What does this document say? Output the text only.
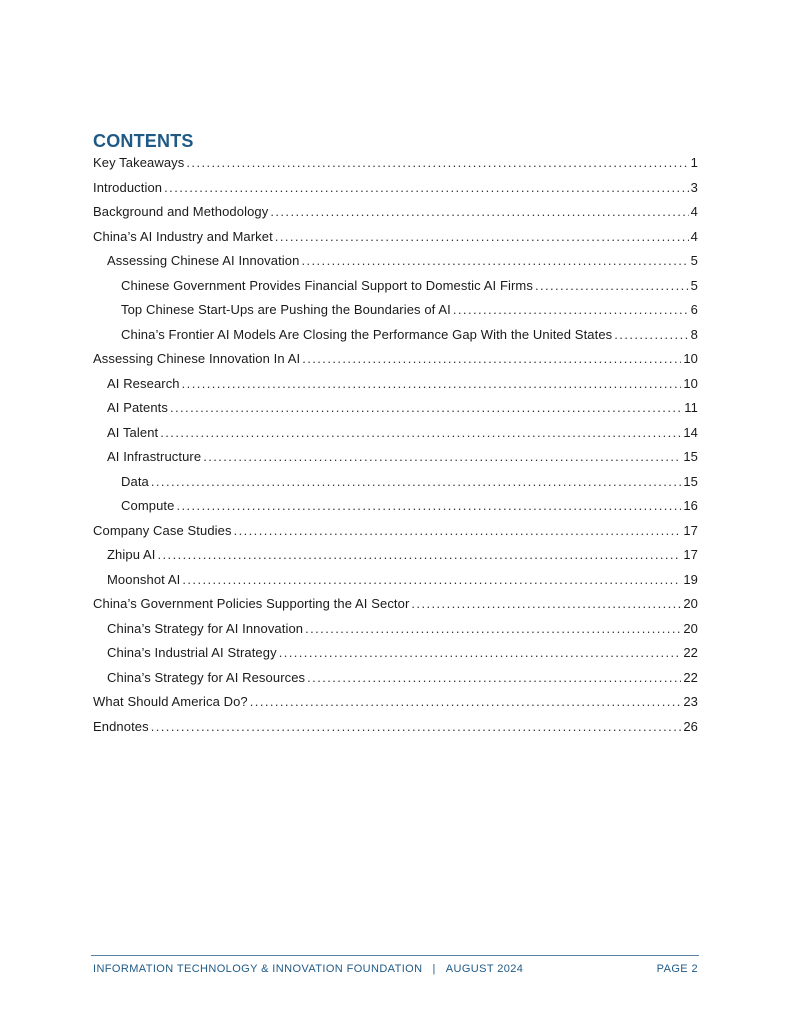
CONTENTS
Key Takeaways . . .	1
Introduction . . .	3
Background and Methodology . . .	4
China’s AI Industry and Market . . .	4
Assessing Chinese AI Innovation . . .	5
Chinese Government Provides Financial Support to Domestic AI Firms . . .	5
Top Chinese Start-Ups are Pushing the Boundaries of AI . . .	6
China’s Frontier AI Models Are Closing the Performance Gap With the United States . . .	8
Assessing Chinese Innovation In AI . . .	10
AI Research . . .	10
AI Patents . . .	11
AI Talent . . .	14
AI Infrastructure . . .	15
Data . . .	15
Compute . . .	16
Company Case Studies . . .	17
Zhipu AI . . .	17
Moonshot AI . . .	19
China’s Government Policies Supporting the AI Sector . . .	20
China’s Strategy for AI Innovation . . .	20
China’s Industrial AI Strategy . . .	22
China’s Strategy for AI Resources . . .	22
What Should America Do? . . .	23
Endnotes . . .	26
INFORMATION TECHNOLOGY & INNOVATION FOUNDATION | AUGUST 2024	PAGE 2
